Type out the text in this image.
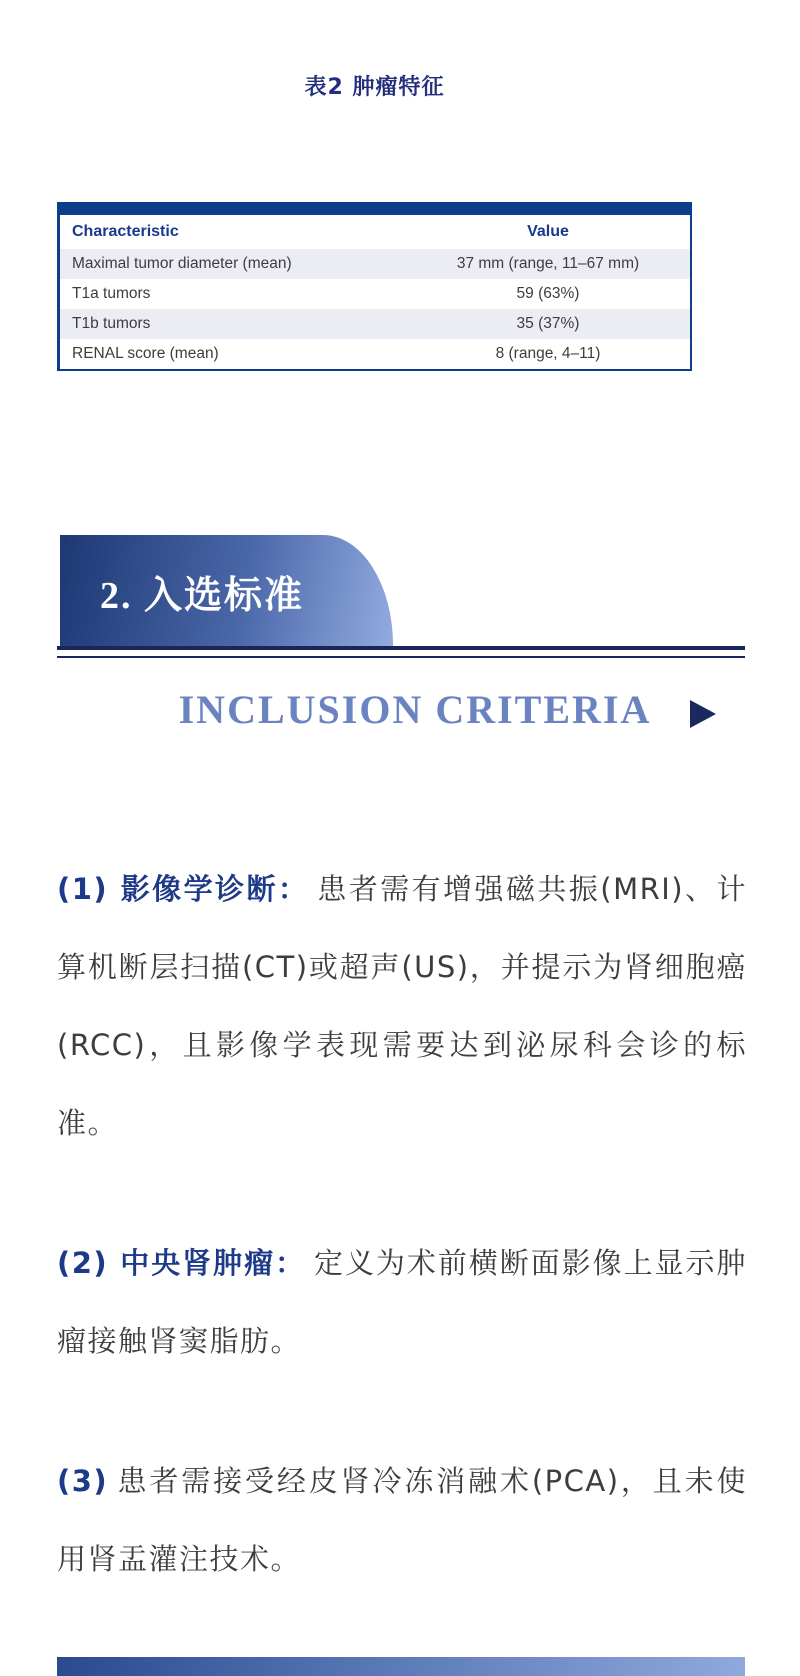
表2 肿瘤特征
Characteristic	Value
Maximal tumor diameter (mean)	37 mm (range, 11–67 mm)
T1a tumors	59 (63%)
T1b tumors	35 (37%)
RENAL score (mean)	8 (range, 4–11)
2. 入选标准
INCLUSION CRITERIA

(1) 影像学诊断： 患者需有增强磁共振(MRI)、计算机断层扫描(CT)或超声(US)，并提示为肾细胞癌(RCC)，且影像学表现需要达到泌尿科会诊的标准。

(2) 中央肾肿瘤： 定义为术前横断面影像上显示肿瘤接触肾窦脂肪。

(3) 患者需接受经皮肾冷冻消融术(PCA)，且未使用肾盂灌注技术。
